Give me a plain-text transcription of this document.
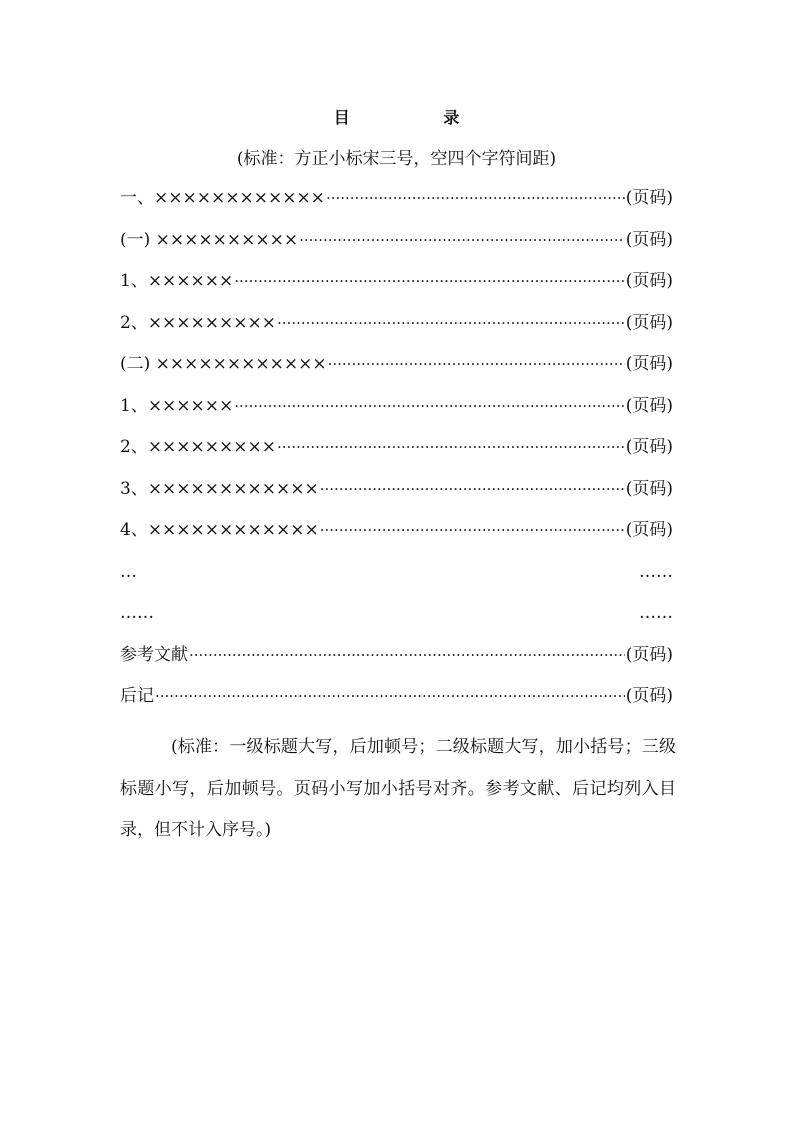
目 录
(标准：方正小标宋三号，空四个字符间距)
一、×××××××××××× ·····	(页码)
(一) ×××××××××× ·····	(页码)
1、×××××× ·····	(页码)
2、××××××××× ·····	(页码)
(二) ×××××××××××× ·····	(页码)
1、×××××× ·····	(页码)
2、××××××××× ·····	(页码)
3、×××××××××××× ·····	(页码)
4、×××××××××××× ·····	(页码)
…	……
……	……
参考文献 ·····	(页码)
后记 ·····	(页码)
(标准：一级标题大写，后加顿号；二级标题大写，加小括号；三级标题小写，后加顿号。页码小写加小括号对齐。参考文献、后记均列入目录，但不计入序号。)
